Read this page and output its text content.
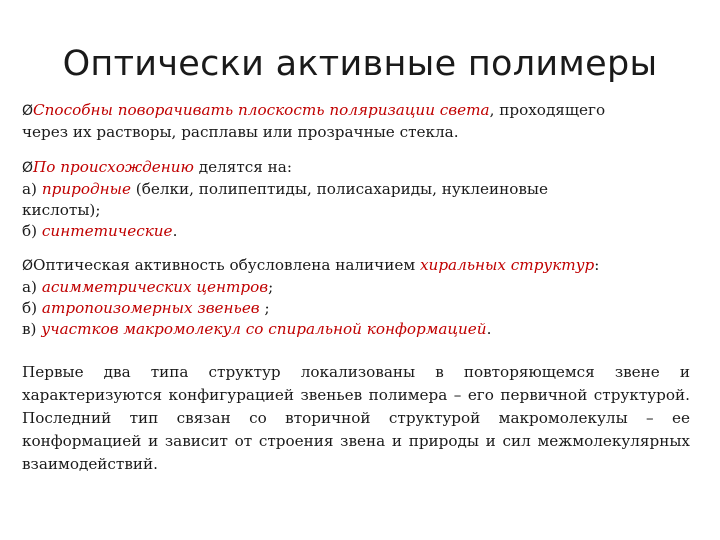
Оптически активные полимеры
ØСпособны поворачивать плоскость поляризации света, проходящего
через их растворы, расплавы или прозрачные стекла.
ØПо происхождению делятся на:
а) природные (белки, полипептиды, полисахариды, нуклеиновые
кислоты);
б) синтетические.
ØОптическая активность обусловлена наличием хиральных структур:
а) асимметрических центров;
б) атропоизомерных звеньев ;
в) участков макромолекул со спиральной конформацией.
Первые два типа структур локализованы в повторяющемся звене и характеризуются конфигурацией звеньев полимера – его первичной структурой. Последний тип связан со вторичной структурой макромолекулы – ее конформацией и зависит от строения звена и природы и сил межмолекулярных взаимодействий.
